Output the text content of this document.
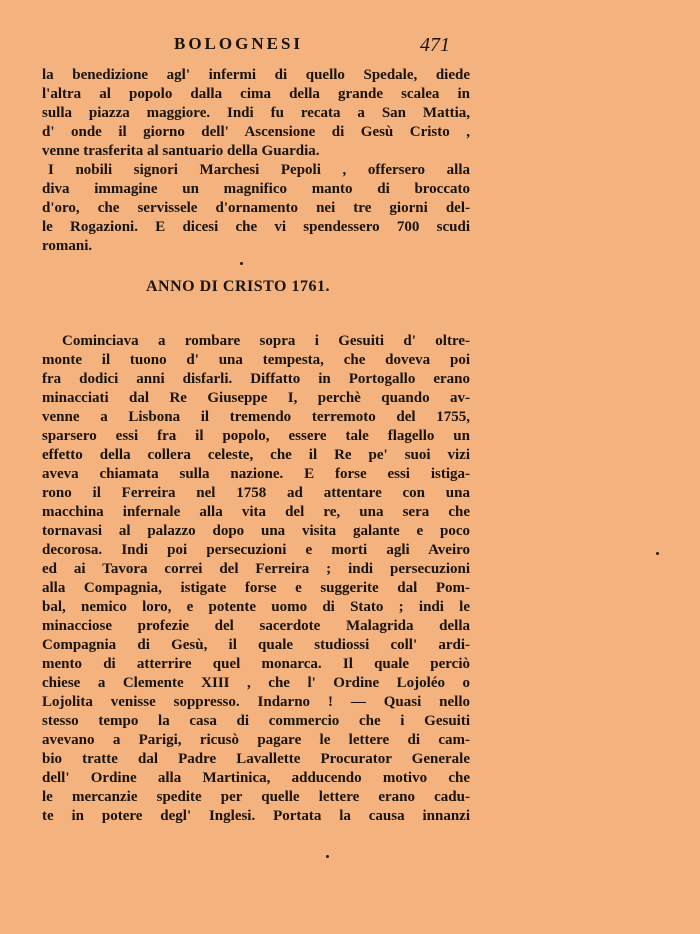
BOLOGNESI	471
la benedizione agl' infermi di quello Spedale, diede
l'altra al popolo dalla cima della grande scalea in
sulla piazza maggiore. Indi fu recata a San Mattia,
d' onde il giorno dell' Ascensione di Gesù Cristo ,
venne trasferita al santuario della Guardia.
I nobili signori Marchesi Pepoli , offersero alla
diva immagine un magnifico manto di broccato
d'oro, che servissele d'ornamento nei tre giorni del-
le Rogazioni. E dicesi che vi spendessero 700 scudi
romani.
ANNO DI CRISTO 1761.
Cominciava a rombare sopra i Gesuiti d' oltre-
monte il tuono d' una tempesta, che doveva poi
fra dodici anni disfarli. Diffatto in Portogallo erano
minacciati dal Re Giuseppe I, perchè quando av-
venne a Lisbona il tremendo terremoto del 1755,
sparsero essi fra il popolo, essere tale flagello un
effetto della collera celeste, che il Re pe' suoi vizi
aveva chiamata sulla nazione. E forse essi istiga-
rono il Ferreira nel 1758 ad attentare con una
macchina infernale alla vita del re, una sera che
tornavasi al palazzo dopo una visita galante e poco
decorosa. Indi poi persecuzioni e morti agli Aveiro
ed ai Tavora correi del Ferreira ; indi persecuzioni
alla Compagnia, istigate forse e suggerite dal Pom-
bal, nemico loro, e potente uomo di Stato ; indi le
minacciose profezie del sacerdote Malagrida della
Compagnia di Gesù, il quale studiossi coll' ardi-
mento di atterrire quel monarca. Il quale perciò
chiese a Clemente XIII , che l' Ordine Lojoléo o
Lojolita venisse soppresso. Indarno ! — Quasi nello
stesso tempo la casa di commercio che i Gesuiti
avevano a Parigi, ricusò pagare le lettere di cam-
bio tratte dal Padre Lavallette Procurator Generale
dell' Ordine alla Martinica, adducendo motivo che
le mercanzie spedite per quelle lettere erano cadu-
te in potere degl' Inglesi. Portata la causa innanzi
